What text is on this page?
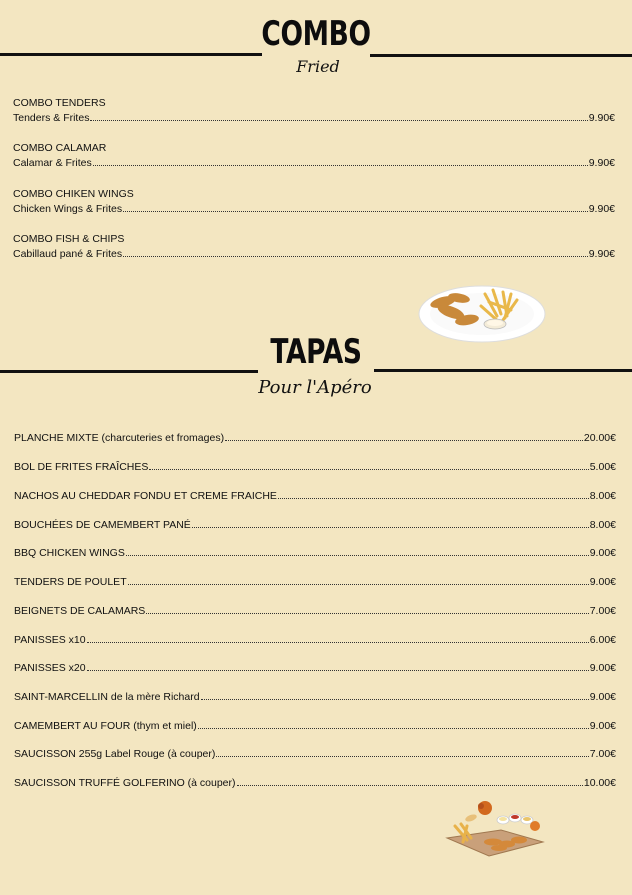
COMBO
Fried
COMBO TENDERS
Tenders & Frites	9.90€
COMBO CALAMAR
Calamar & Frites	9.90€
COMBO CHIKEN WINGS
Chicken Wings & Frites	9.90€
COMBO FISH & CHIPS
Cabillaud pané & Frites	9.90€
TAPAS
Pour l'Apéro
PLANCHE MIXTE (charcuteries et fromages)	20.00€
BOL DE FRITES FRAÎCHES	5.00€
NACHOS AU CHEDDAR FONDU ET CREME FRAICHE	8.00€
BOUCHÉES DE CAMEMBERT PANÉ	8.00€
BBQ CHICKEN WINGS	9.00€
TENDERS DE POULET	9.00€
BEIGNETS DE CALAMARS	7.00€
PANISSES x10	6.00€
PANISSES x20	9.00€
SAINT-MARCELLIN de la mère Richard	9.00€
CAMEMBERT AU FOUR (thym et miel)	9.00€
SAUCISSON 255g Label Rouge (à couper)	7.00€
SAUCISSON TRUFFÉ GOLFERINO (à couper)	10.00€
